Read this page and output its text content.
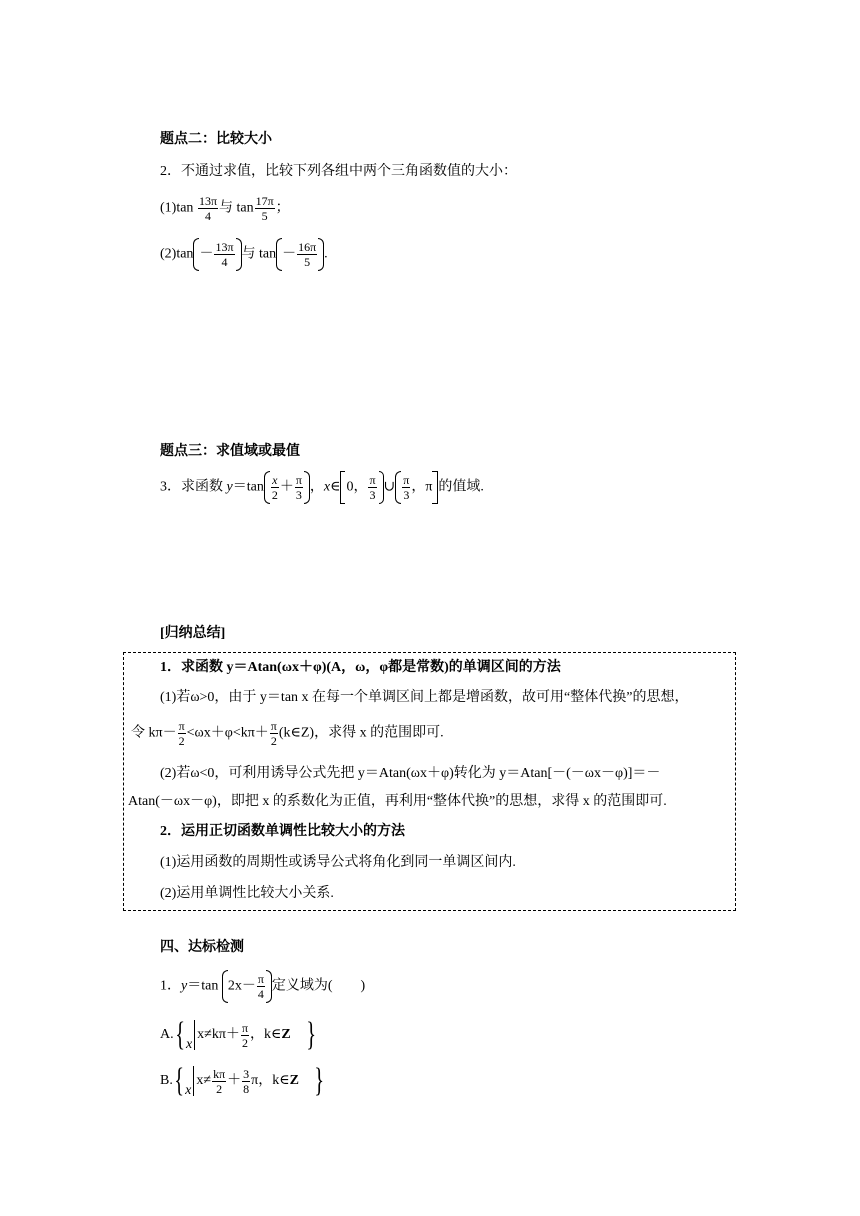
题点二：比较大小
2．不通过求值，比较下列各组中两个三角函数值的大小：
$(1)\tan \frac{13\pi}{4}$ 与 $\tan \frac{17\pi}{5}$ ；
$(2)\tan - \frac{13\pi}{4}$ 与 $\tan - \frac{16\pi}{5}$ .
题点三：求值域或最值
3．求函数 $y=\tan \frac{x}{2} + \frac{\pi}{3}$ ，x∈ 0， $\frac{\pi}{3}$ ∪ $\frac{\pi}{3}$ ，π 的值域.
[归纳总结]
1．求函数 y＝Atan(ωx＋φ)(A，ω，φ都是常数)的单调区间的方法
(1)若ω>0，由于 y＝tan x 在每一个单调区间上都是增函数，故可用“整体代换”的思想，
令 $k\pi- \frac{\pi}{2} <\omega x+\varphi<k\pi+ \frac{\pi}{2}$ (k∈Z)，求得 x 的范围即可.
(2)若ω<0，可利用诱导公式先把 y＝Atan(ωx＋φ)转化为 y＝Atan[－(－ωx－φ)]＝－
Atan(－ωx－φ)，即把 x 的系数化为正值，再利用“整体代换”的思想，求得 x 的范围即可.
2．运用正切函数单调性比较大小的方法
(1)运用函数的周期性或诱导公式将角化到同一单调区间内.
(2)运用单调性比较大小关系.
四、达标检测
1．y＝tan $2x- \frac{\pi}{4}$ 定义域为(　　)
$A.\{xx\ne k\pi+ \frac{\pi}{2}$ ，k∈Z }
$B.\{xx\ne \frac{k\pi}{2} + \frac{3}{8}$ π，k∈Z }
